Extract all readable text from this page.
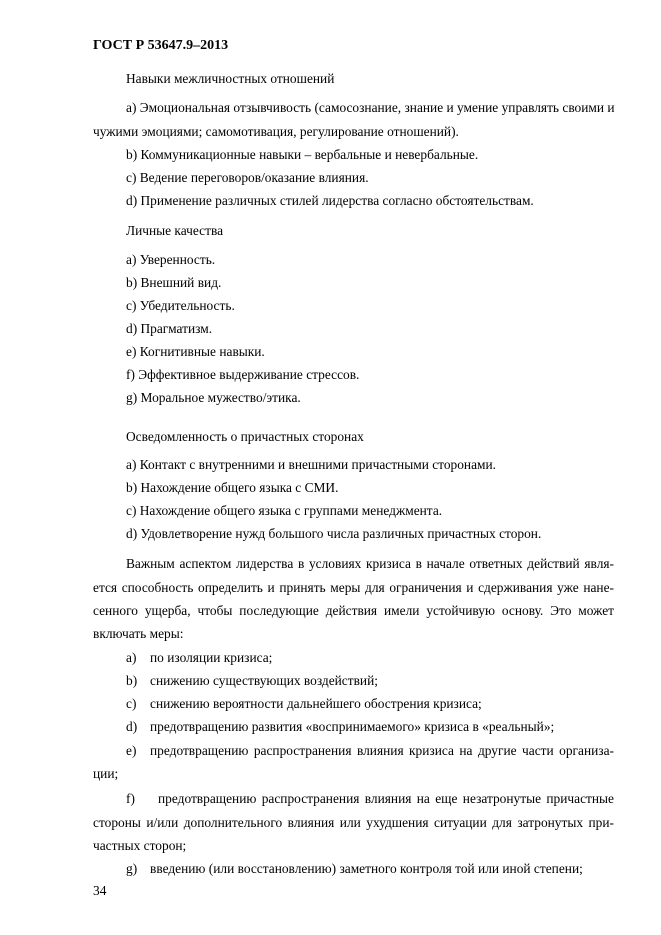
ГОСТ Р 53647.9–2013
Навыки межличностных отношений
a) Эмоциональная отзывчивость (самосознание, знание и умение управлять своими и
чужими эмоциями; самомотивация, регулирование отношений).
b) Коммуникационные навыки – вербальные и невербальные.
c) Ведение переговоров/оказание влияния.
d) Применение различных стилей лидерства согласно обстоятельствам.
Личные качества
a) Уверенность.
b) Внешний вид.
c) Убедительность.
d) Прагматизм.
e) Когнитивные навыки.
f) Эффективное выдерживание стрессов.
g) Моральное мужество/этика.
Осведомленность о причастных сторонах
a) Контакт с внутренними и внешними причастными сторонами.
b) Нахождение общего языка с СМИ.
c) Нахождение общего языка с группами менеджмента.
d) Удовлетворение нужд большого числа различных причастных сторон.
Важным аспектом лидерства в условиях кризиса в начале ответных действий явля-
ется способность определить и принять меры для ограничения и сдерживания уже нане-
сенного ущерба, чтобы последующие действия имели устойчивую основу. Это может
включать меры:
a) по изоляции кризиса;
b) снижению существующих воздействий;
c) снижению вероятности дальнейшего обострения кризиса;
d) предотвращению развития «воспринимаемого» кризиса в «реальный»;
e) предотвращению распространения влияния кризиса на другие части организа-
ции;
f) предотвращению распространения влияния на еще незатронутые причастные
стороны и/или дополнительного влияния или ухудшения ситуации для затронутых при-
частных сторон;
g) введению (или восстановлению) заметного контроля той или иной степени;
34
